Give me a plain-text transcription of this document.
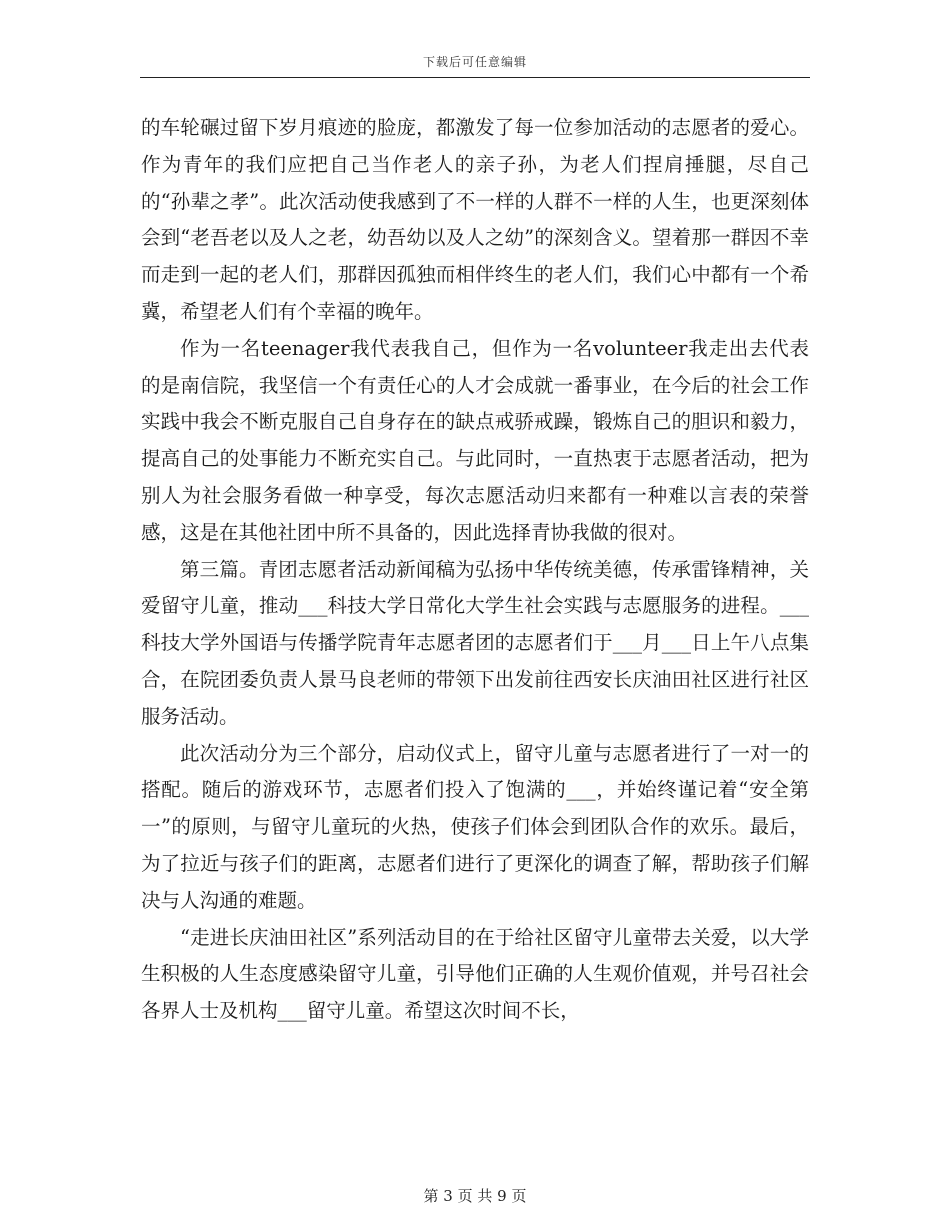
下载后可任意编辑

的车轮碾过留下岁月痕迹的脸庞，都激发了每一位参加活动的志愿者的爱心。作为青年的我们应把自己当作老人的亲子孙，为老人们捏肩捶腿，尽自己的“孙辈之孝”。此次活动使我感到了不一样的人群不一样的人生，也更深刻体会到“老吾老以及人之老，幼吾幼以及人之幼”的深刻含义。望着那一群因不幸而走到一起的老人们，那群因孤独而相伴终生的老人们，我们心中都有一个希冀，希望老人们有个幸福的晚年。

作为一名teenager我代表我自己，但作为一名volunteer我走出去代表的是南信院，我坚信一个有责任心的人才会成就一番事业，在今后的社会工作实践中我会不断克服自己自身存在的缺点戒骄戒躁，锻炼自己的胆识和毅力，提高自己的处事能力不断充实自己。与此同时，一直热衷于志愿者活动，把为别人为社会服务看做一种享受，每次志愿活动归来都有一种难以言表的荣誉感，这是在其他社团中所不具备的，因此选择青协我做的很对。

第三篇。青团志愿者活动新闻稿为弘扬中华传统美德，传承雷锋精神，关爱留守儿童，推动___科技大学日常化大学生社会实践与志愿服务的进程。___科技大学外国语与传播学院青年志愿者团的志愿者们于___月___日上午八点集合，在院团委负责人景马良老师的带领下出发前往西安长庆油田社区进行社区服务活动。

此次活动分为三个部分，启动仪式上，留守儿童与志愿者进行了一对一的搭配。随后的游戏环节，志愿者们投入了饱满的___，并始终谨记着“安全第一”的原则，与留守儿童玩的火热，使孩子们体会到团队合作的欢乐。最后，为了拉近与孩子们的距离，志愿者们进行了更深化的调查了解，帮助孩子们解决与人沟通的难题。

“走进长庆油田社区”系列活动目的在于给社区留守儿童带去关爱，以大学生积极的人生态度感染留守儿童，引导他们正确的人生观价值观，并号召社会各界人士及机构___留守儿童。希望这次时间不长，

第 3 页 共 9 页
